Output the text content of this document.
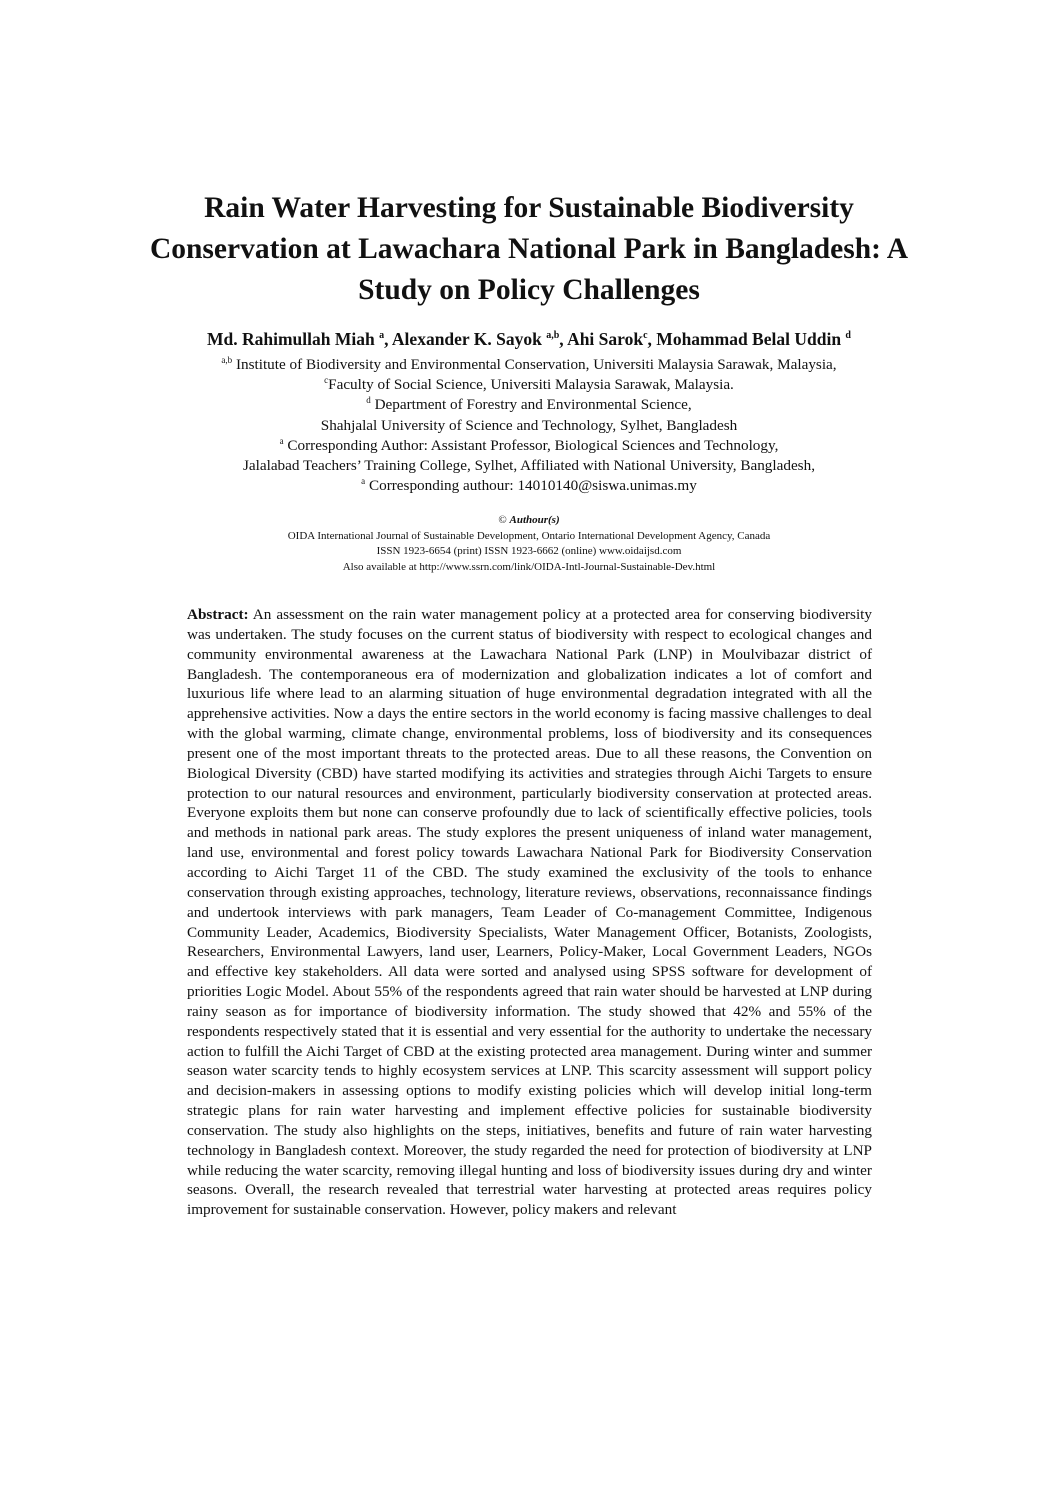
Rain Water Harvesting for Sustainable Biodiversity
Conservation at Lawachara National Park in Bangladesh: A
Study on Policy Challenges
Md. Rahimullah Miah $^a$, Alexander K. Sayok $^{a,b}$, Ahi Sarok$^c$, Mohammad Belal Uddin $^d$
$^{a,b}$ Institute of Biodiversity and Environmental Conservation, Universiti Malaysia Sarawak, Malaysia,
$^c$Faculty of Social Science, Universiti Malaysia Sarawak, Malaysia.
$^d$ Department of Forestry and Environmental Science,
Shahjalal University of Science and Technology, Sylhet, Bangladesh
$^a$ Corresponding Author: Assistant Professor, Biological Sciences and Technology,
Jalalabad Teachers’ Training College, Sylhet, Affiliated with National University, Bangladesh,
$^a$ Corresponding authour: 14010140@siswa.unimas.my
© Authour(s)
OIDA International Journal of Sustainable Development, Ontario International Development Agency, Canada
ISSN 1923-6654 (print) ISSN 1923-6662 (online) www.oidaijsd.com
Also available at http://www.ssrn.com/link/OIDA-Intl-Journal-Sustainable-Dev.html
Abstract: An assessment on the rain water management policy at a protected area for conserving biodiversity was undertaken. The study focuses on the current status of biodiversity with respect to ecological changes and community environmental awareness at the Lawachara National Park (LNP) in Moulvibazar district of Bangladesh. The contemporaneous era of modernization and globalization indicates a lot of comfort and luxurious life where lead to an alarming situation of huge environmental degradation integrated with all the apprehensive activities. Now a days the entire sectors in the world economy is facing massive challenges to deal with the global warming, climate change, environmental problems, loss of biodiversity and its consequences present one of the most important threats to the protected areas. Due to all these reasons, the Convention on Biological Diversity (CBD) have started modifying its activities and strategies through Aichi Targets to ensure protection to our natural resources and environment, particularly biodiversity conservation at protected areas. Everyone exploits them but none can conserve profoundly due to lack of scientifically effective policies, tools and methods in national park areas. The study explores the present uniqueness of inland water management, land use, environmental and forest policy towards Lawachara National Park for Biodiversity Conservation according to Aichi Target 11 of the CBD. The study examined the exclusivity of the tools to enhance conservation through existing approaches, technology, literature reviews, observations, reconnaissance findings and undertook interviews with park managers, Team Leader of Co-management Committee, Indigenous Community Leader, Academics, Biodiversity Specialists, Water Management Officer, Botanists, Zoologists, Researchers, Environmental Lawyers, land user, Learners, Policy-Maker, Local Government Leaders, NGOs and effective key stakeholders. All data were sorted and analysed using SPSS software for development of priorities Logic Model. About 55% of the respondents agreed that rain water should be harvested at LNP during rainy season as for importance of biodiversity information. The study showed that 42% and 55% of the respondents respectively stated that it is essential and very essential for the authority to undertake the necessary action to fulfill the Aichi Target of CBD at the existing protected area management. During winter and summer season water scarcity tends to highly ecosystem services at LNP. This scarcity assessment will support policy and decision-makers in assessing options to modify existing policies which will develop initial long-term strategic plans for rain water harvesting and implement effective policies for sustainable biodiversity conservation. The study also highlights on the steps, initiatives, benefits and future of rain water harvesting technology in Bangladesh context. Moreover, the study regarded the need for protection of biodiversity at LNP while reducing the water scarcity, removing illegal hunting and loss of biodiversity issues during dry and winter seasons. Overall, the research revealed that terrestrial water harvesting at protected areas requires policy improvement for sustainable conservation. However, policy makers and relevant
